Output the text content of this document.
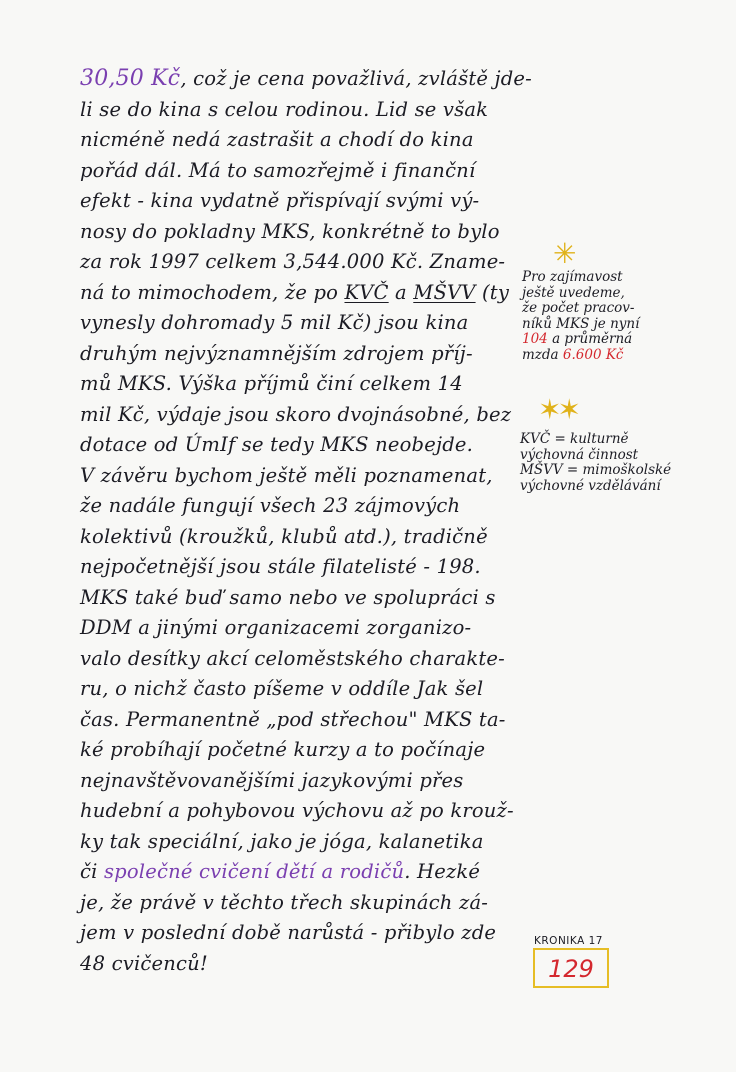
30,50 Kč, což je cena považlivá, zvláště jde-
li se do kina s celou rodinou. Lid se však
nicméně nedá zastrašit a chodí do kina
pořád dál. Má to samozřejmě i finanční
efekt - kina vydatně přispívají svými vý-
nosy do pokladny MKS, konkrétně to bylo
za rok 1997 celkem 3,544.000 Kč. Zname-
ná to mimochodem, že po KVČ a MŠVV (ty
vynesly dohromady 5 mil Kč) jsou kina
druhým nejvýznamnějším zdrojem příj-
mů MKS. Výška příjmů činí celkem 14
mil Kč, výdaje jsou skoro dvojnásobné, bez
dotace od ÚmIf se tedy MKS neobejde.
V závěru bychom ještě měli poznamenat,
že nadále fungují všech 23 zájmových
kolektivů (kroužků, klubů atd.), tradičně
nejpočetnější jsou stále filatelisté - 198.
MKS také buď samo nebo ve spolupráci s
DDM a jinými organizacemi zorganizo-
valo desítky akcí celoměstského charakte-
ru, o nichž často píšeme v oddíle Jak šel
čas. Permanentně „pod střechou" MKS ta-
ké probíhají početné kurzy a to počínaje
nejnavštěvovanějšími jazykovými přes
hudební a pohybovou výchovu až po krouž-
ky tak speciální, jako je jóga, kalanetika
či společné cvičení dětí a rodičů. Hezké
je, že právě v těchto třech skupinách zá-
jem v poslední době narůstá - přibylo zde
48 cvičenců!
✳
Pro zajímavost
ještě uvedeme,
že počet pracov-
níků MKS je nyní
104 a průměrná
mzda 6.600 Kč
✶✶
KVČ = kulturně
výchovná činnost
MŠVV = mimoškolské
výchovné vzdělávání
KRONIKA 17
129
